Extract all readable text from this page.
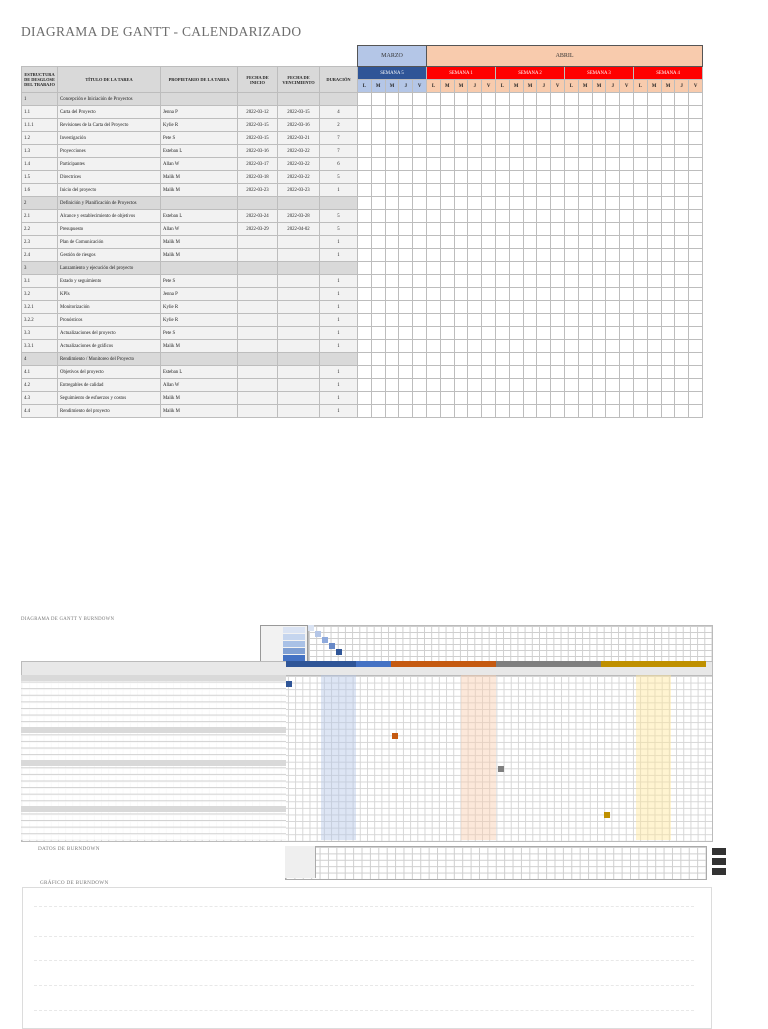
DIAGRAMA DE GANTT - CALENDARIZADO
						MARZO					ABRIL																			
ESTRUCTURA DE DESGLOSE DEL TRABAJO	TÍTULO DE LA TAREA	PROPIETARIO DE LA TAREA	FECHA DE INICIO	FECHA DE VENCIMIENTO	DURACIÓN	SEMANA 5					SEMANA 1					SEMANA 2					SEMANA 3					SEMANA 4				
						L	M	M	J	V	L	M	M	J	V	L	M	M	J	V	L	M	M	J	V	L	M	M	J	V
1	Concepción e Iniciación de Proyectos																													
1.1	Carta del Proyecto	Jenna P	2022-03-12	2022-03-15	4																									
1.1.1	Revisiones de la Carta del Proyecto	Kylie R	2022-03-15	2022-03-16	2																									
1.2	Investigación	Pete S	2022-03-15	2022-03-21	7																									
1.3	Proyecciones	Esteban L	2022-03-16	2022-03-22	7																									
1.4	Participantes	Allan W	2022-03-17	2022-03-22	6																									
1.5	Directrices	Malik M	2022-03-18	2022-03-22	5																									
1.6	Inicio del proyecto	Malik M	2022-03-23	2022-03-23	1																									
2	Definición y Planificación de Proyectos																													
2.1	Alcance y establecimiento de objetivos	Esteban L	2022-03-24	2022-03-28	5																									
2.2	Presupuesto	Allan W	2022-03-29	2022-04-02	5																									
2.3	Plan de Comunicación	Malik M			1																									
2.4	Gestión de riesgos	Malik M			1																									
3	Lanzamiento y ejecución del proyecto																													
3.1	Estado y seguimiento	Pete S			1																									
3.2	KPIs	Jenna P			1																									
3.2.1	Monitorización	Kylie R			1																									
3.2.2	Pronósticos	Kylie R			1																									
3.3	Actualizaciones del proyecto	Pete S			1																									
3.3.1	Actualizaciones de gráficos	Malik M			1																									
4	Rendimiento / Monitoreo del Proyecto																													
4.1	Objetivos del proyecto	Esteban L			1																									
4.2	Entregables de calidad	Allan W			1																									
4.3	Seguimiento de esfuerzos y costos	Malik M			1																									
4.4	Rendimiento del proyecto	Malik M			1																									
DIAGRAMA DE GANTT Y BURNDOWN
DATOS DE BURNDOWN
GRÁFICO DE BURNDOWN
